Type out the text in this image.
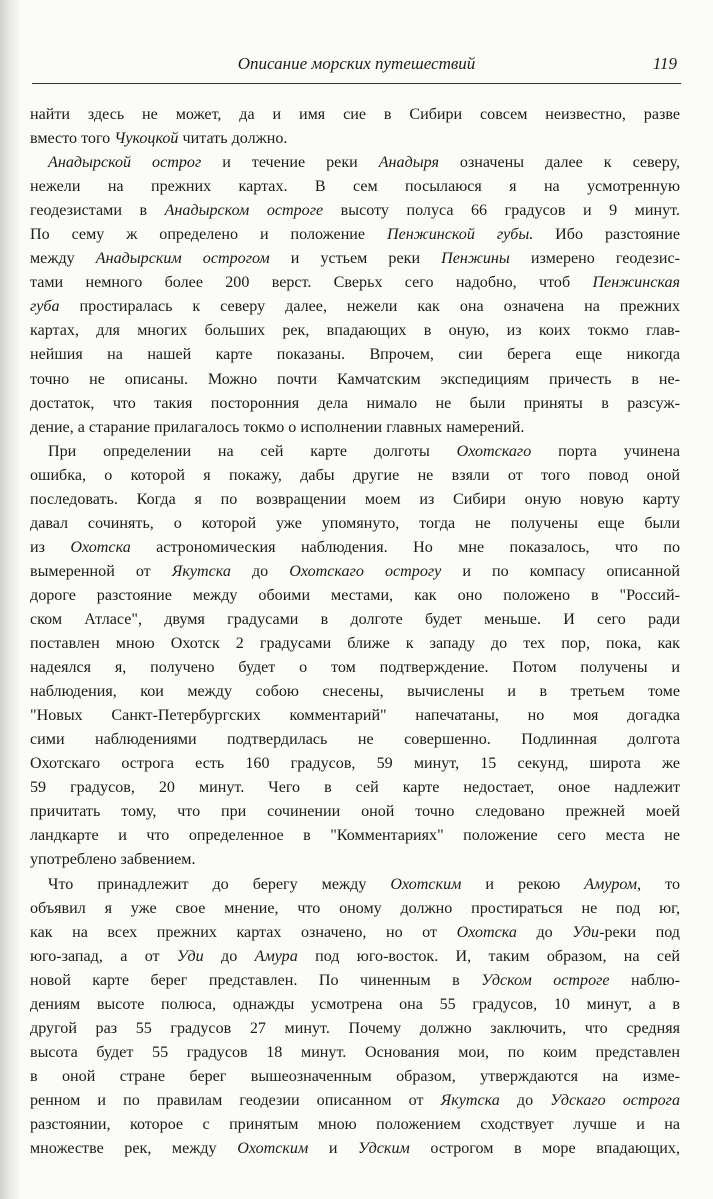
Описание морских путешествий	119
найти здесь не может, да и имя сие в Сибири совсем неизвестно, разве
вместо того Чукоцкой читать должно.
Анадырской острог и течение реки Анадыря означены далее к северу,
нежели на прежних картах. В сем посылаюся я на усмотренную
геодезистами в Анадырском остроге высоту полуса 66 градусов и 9 минут.
По сему ж определено и положение Пенжинской губы. Ибо разстояние
между Анадырским острогом и устьем реки Пенжины измерено геодезис-
тами немного более 200 верст. Сверьх сего надобно, чтоб Пенжинская
губа простиралась к северу далее, нежели как она означена на прежних
картах, для многих больших рек, впадающих в оную, из коих токмо глав-
нейшия на нашей карте показаны. Впрочем, сии берега еще никогда
точно не описаны. Можно почти Камчатским экспедициям причесть в не-
достаток, что такия посторонния дела нимало не были приняты в разсуж-
дение, а старание прилагалось токмо о исполнении главных намерений.
При определении на сей карте долготы Охотскаго порта учинена
ошибка, о которой я покажу, дабы другие не взяли от того повод оной
последовать. Когда я по возвращении моем из Сибири оную новую карту
давал сочинять, о которой уже упомянуто, тогда не получены еще были
из Охотска астрономическия наблюдения. Но мне показалось, что по
вымеренной от Якутска до Охотскаго острогу и по компасу описанной
дороге разстояние между обоими местами, как оно положено в "Россий-
ском Атласе", двумя градусами в долготе будет меньше. И сего ради
поставлен мною Охотск 2 градусами ближе к западу до тех пор, пока, как
надеялся я, получено будет о том подтверждение. Потом получены и
наблюдения, кои между собою снесены, вычислены и в третьем томе
"Новых Санкт-Петербургских комментарий" напечатаны, но моя догадка
сими наблюдениями подтвердилась не совершенно. Подлинная долгота
Охотскаго острога есть 160 градусов, 59 минут, 15 секунд, широта же
59 градусов, 20 минут. Чего в сей карте недостает, оное надлежит
причитать тому, что при сочинении оной точно следовано прежней моей
ландкарте и что определенное в "Комментариях" положение сего места не
употреблено забвением.
Что принадлежит до берегу между Охотским и рекою Амуром, то
объявил я уже свое мнение, что оному должно простираться не под юг,
как на всех прежних картах означено, но от Охотска до Уди-реки под
юго-запад, а от Уди до Амура под юго-восток. И, таким образом, на сей
новой карте берег представлен. По чиненным в Удском остроге наблю-
дениям высоте полюса, однажды усмотрена она 55 градусов, 10 минут, а в
другой раз 55 градусов 27 минут. Почему должно заключить, что средняя
высота будет 55 градусов 18 минут. Основания мои, по коим представлен
в оной стране берег вышеозначенным образом, утверждаются на изме-
ренном и по правилам геодезии описанном от Якутска до Удскаго острога
разстоянии, которое с принятым мною положением сходствует лучше и на
множестве рек, между Охотским и Удским острогом в море впадающих,
